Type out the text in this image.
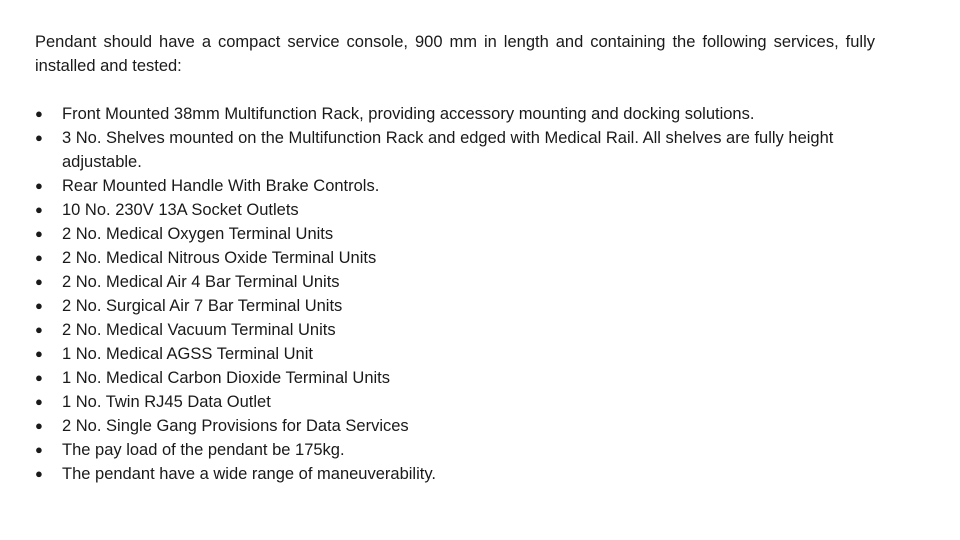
Pendant should have a compact service console, 900 mm in length and containing the following services, fully installed and tested:

●	Front Mounted 38mm Multifunction Rack, providing accessory mounting and docking solutions.
●	3 No. Shelves mounted on the Multifunction Rack and edged with Medical Rail. All shelves are fully height adjustable.
●	Rear Mounted Handle With Brake Controls.
●	10 No. 230V 13A Socket Outlets
●	2 No. Medical Oxygen Terminal Units
●	2 No. Medical Nitrous Oxide Terminal Units
●	2 No. Medical Air 4 Bar Terminal Units
●	2 No. Surgical Air 7 Bar Terminal Units
●	2 No. Medical Vacuum Terminal Units
●	1 No. Medical AGSS Terminal Unit
●	1 No. Medical Carbon Dioxide Terminal Units
●	1 No. Twin RJ45 Data Outlet
●	2 No. Single Gang Provisions for Data Services
●	The pay load of the pendant be 175kg.
●	The pendant have a wide range of maneuverability.
